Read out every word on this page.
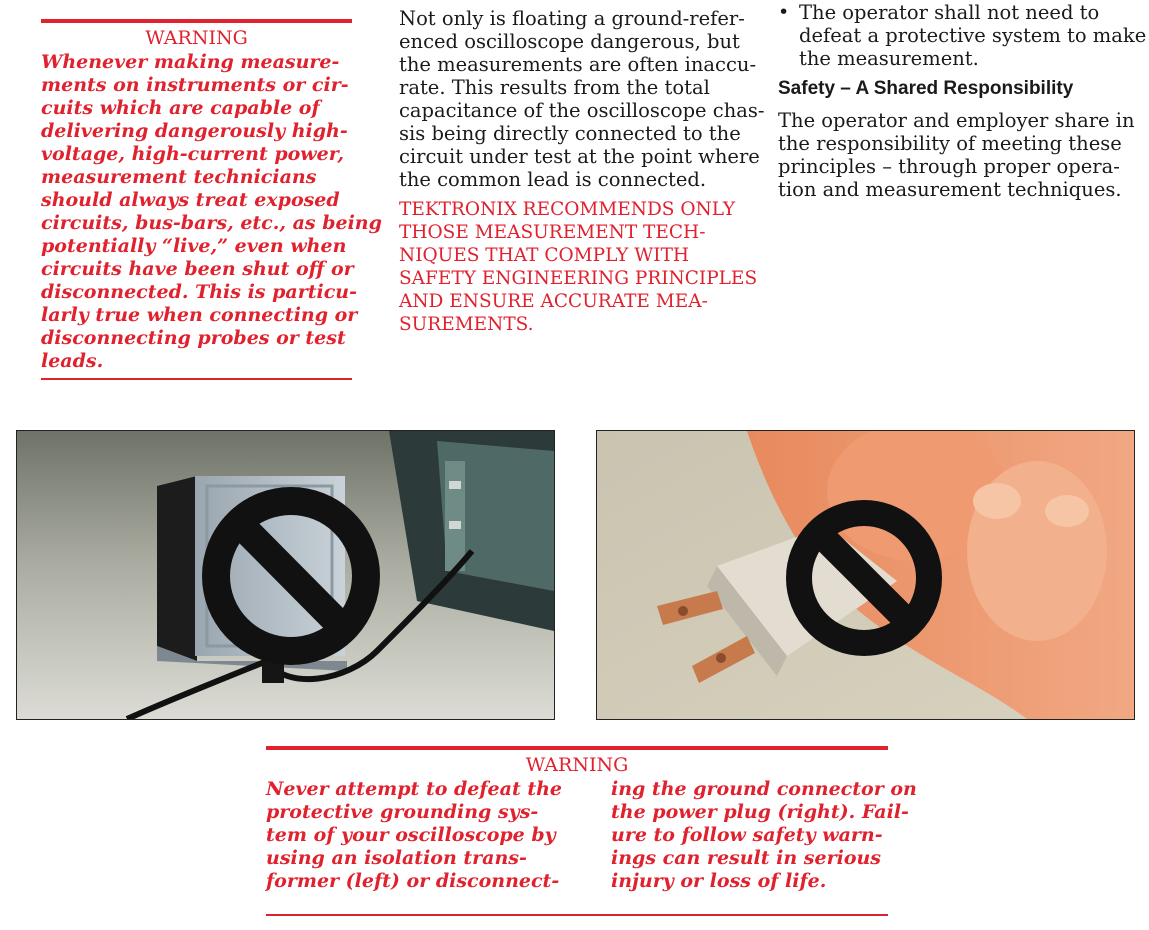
WARNING

Whenever making measure-
ments on instruments or cir-
cuits which are capable of
delivering dangerously high-
voltage, high-current power,
measurement technicians
should always treat exposed
circuits, bus-bars, etc., as being
potentially “live,” even when
circuits have been shut off or
disconnected. This is particu-
larly true when connecting or
disconnecting probes or test
leads.

Not only is floating a ground-refer-
enced oscilloscope dangerous, but
the measurements are often inaccu-
rate. This results from the total
capacitance of the oscilloscope chas-
sis being directly connected to the
circuit under test at the point where
the common lead is connected.

TEKTRONIX RECOMMENDS ONLY
THOSE MEASUREMENT TECH-
NIQUES THAT COMPLY WITH
SAFETY ENGINEERING PRINCIPLES
AND ENSURE ACCURATE MEA-
SUREMENTS.

• The operator shall not need to
defeat a protective system to make
the measurement.

Safety – A Shared Responsibility

The operator and employer share in
the responsibility of meeting these
principles – through proper opera-
tion and measurement techniques.

WARNING

Never attempt to defeat the
protective grounding sys-
tem of your oscilloscope by
using an isolation trans-
former (left) or disconnect-

ing the ground connector on
the power plug (right). Fail-
ure to follow safety warn-
ings can result in serious
injury or loss of life.
